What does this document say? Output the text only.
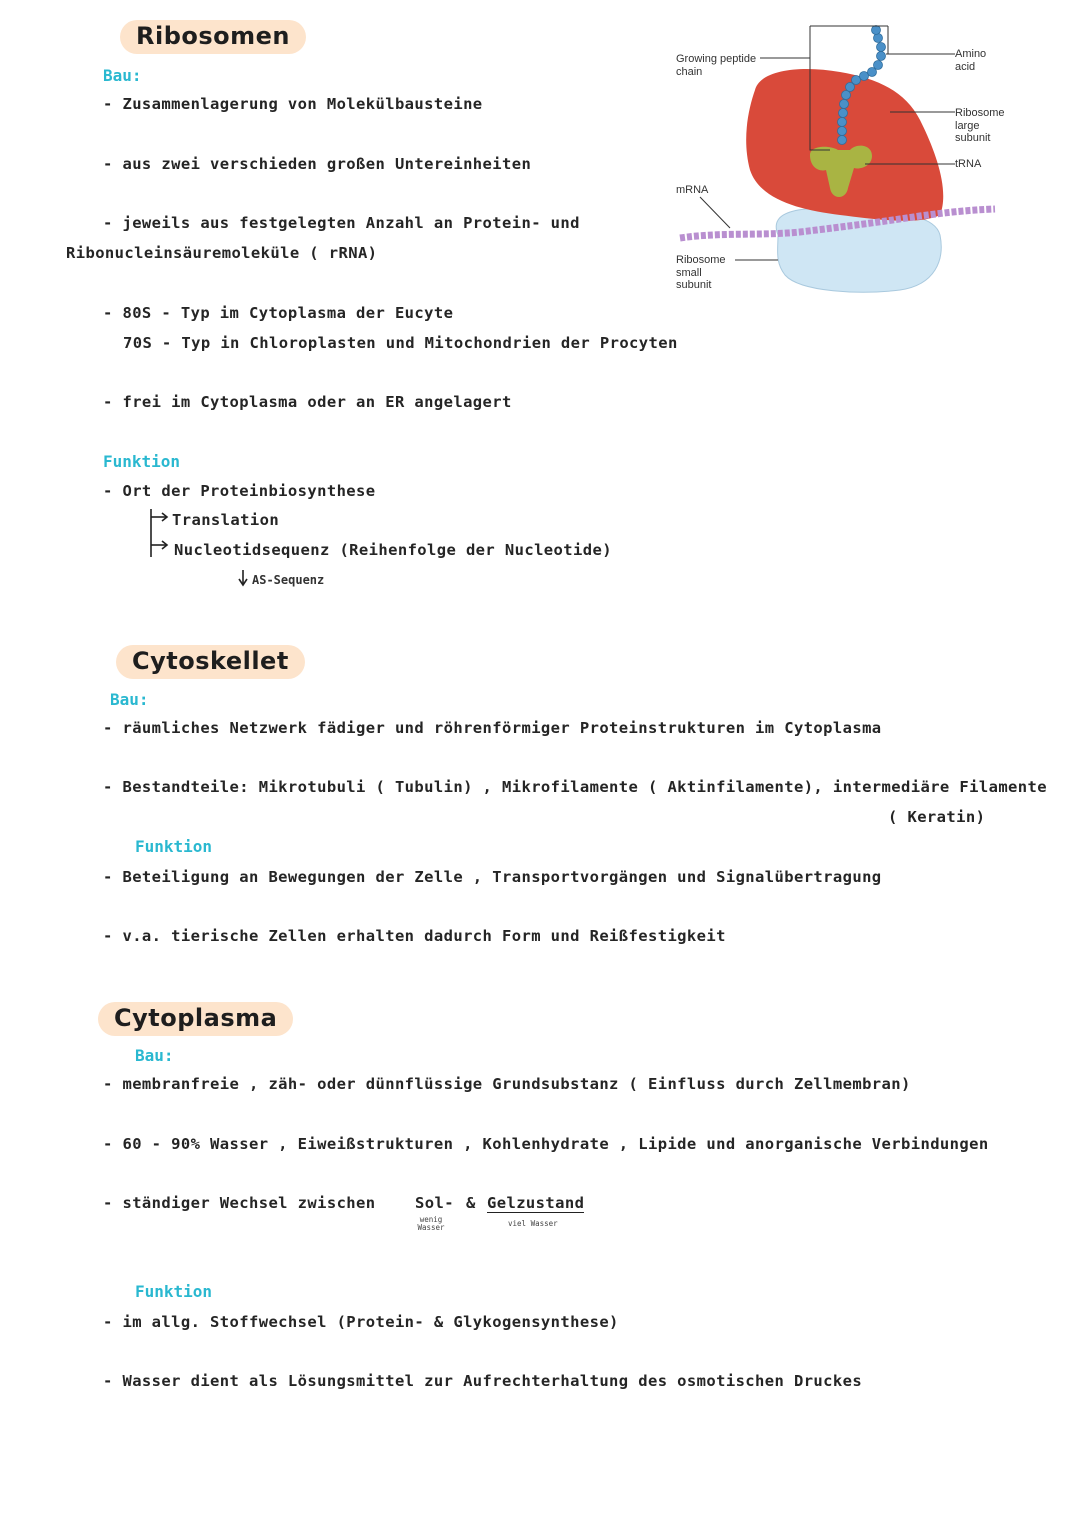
Ribosomen
Bau:
- Zusammenlagerung von Molekülbausteine
- aus zwei verschieden großen Untereinheiten
- jeweils aus festgelegten Anzahl an Protein- und
Ribonucleinsäuremoleküle ( rRNA)
- 80S - Typ im Cytoplasma der Eucyte
70S - Typ in Chloroplasten und Mitochondrien der Procyten
- frei im Cytoplasma oder an ER angelagert
Funktion
- Ort der Proteinbiosynthese
Translation
Nucleotidsequenz (Reihenfolge der Nucleotide)
AS-Sequenz
Growing peptide
chain
Amino
acid
Ribosome
large
subunit
tRNA
mRNA
Ribosome
small
subunit
Cytoskellet
Bau:
- räumliches Netzwerk fädiger und röhrenförmiger Proteinstrukturen im Cytoplasma
- Bestandteile: Mikrotubuli ( Tubulin) , Mikrofilamente ( Aktinfilamente), intermediäre Filamente
( Keratin)
Funktion
- Beteiligung an Bewegungen der Zelle , Transportvorgängen und Signalübertragung
- v.a. tierische Zellen erhalten dadurch Form und Reißfestigkeit
Cytoplasma
Bau:
- membranfreie , zäh- oder dünnflüssige Grundsubstanz ( Einfluss durch Zellmembran)
- 60 - 90% Wasser , Eiweißstrukturen , Kohlenhydrate , Lipide und anorganische Verbindungen
- ständiger Wechsel zwischen	Sol- & Gelzustand
wenig
Wasser	viel Wasser
Funktion
- im allg. Stoffwechsel (Protein- & Glykogensynthese)
- Wasser dient als Lösungsmittel zur Aufrechterhaltung des osmotischen Druckes
